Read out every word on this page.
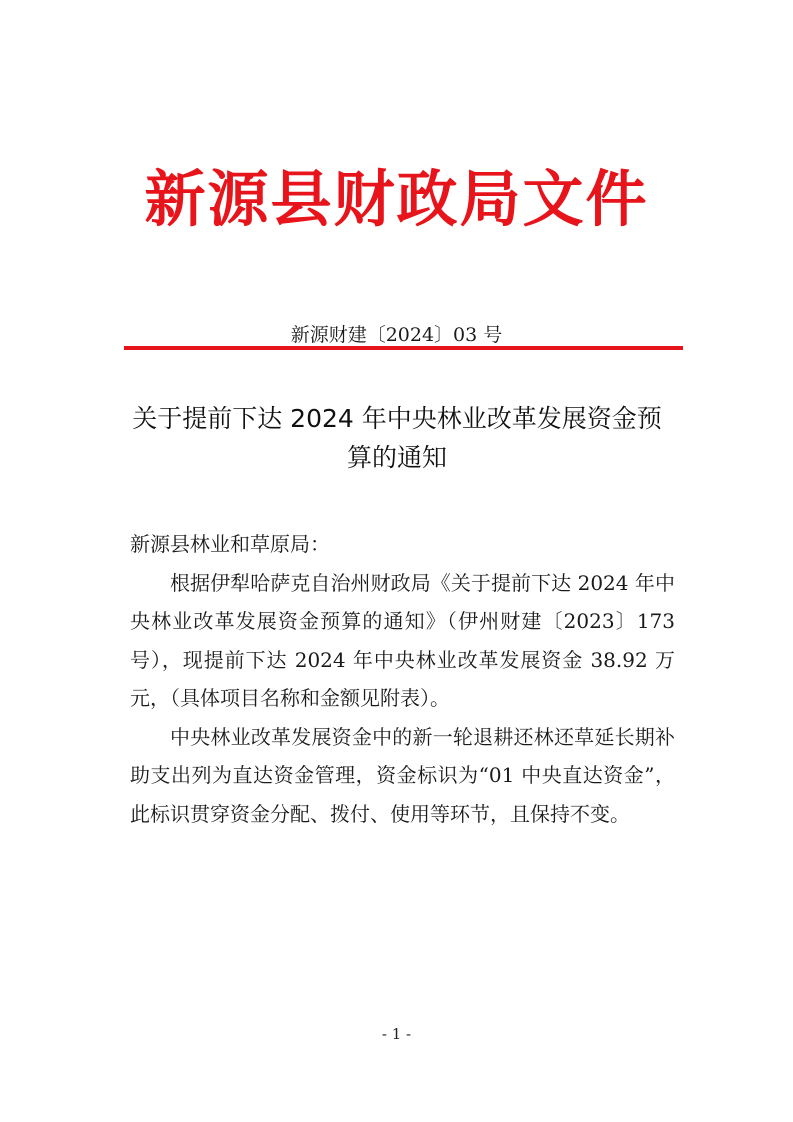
新源县财政局文件
新源财建〔2024〕03 号
关于提前下达 2024 年中央林业改革发展资金预
算的通知

新源县林业和草原局：

根据伊犁哈萨克自治州财政局《关于提前下达 2024 年中央林业改革发展资金预算的通知》（伊州财建〔2023〕173 号），现提前下达 2024 年中央林业改革发展资金 38.92 万元，（具体项目名称和金额见附表）。

中央林业改革发展资金中的新一轮退耕还林还草延长期补助支出列为直达资金管理，资金标识为“01 中央直达资金”，此标识贯穿资金分配、拨付、使用等环节，且保持不变。

- 1 -
